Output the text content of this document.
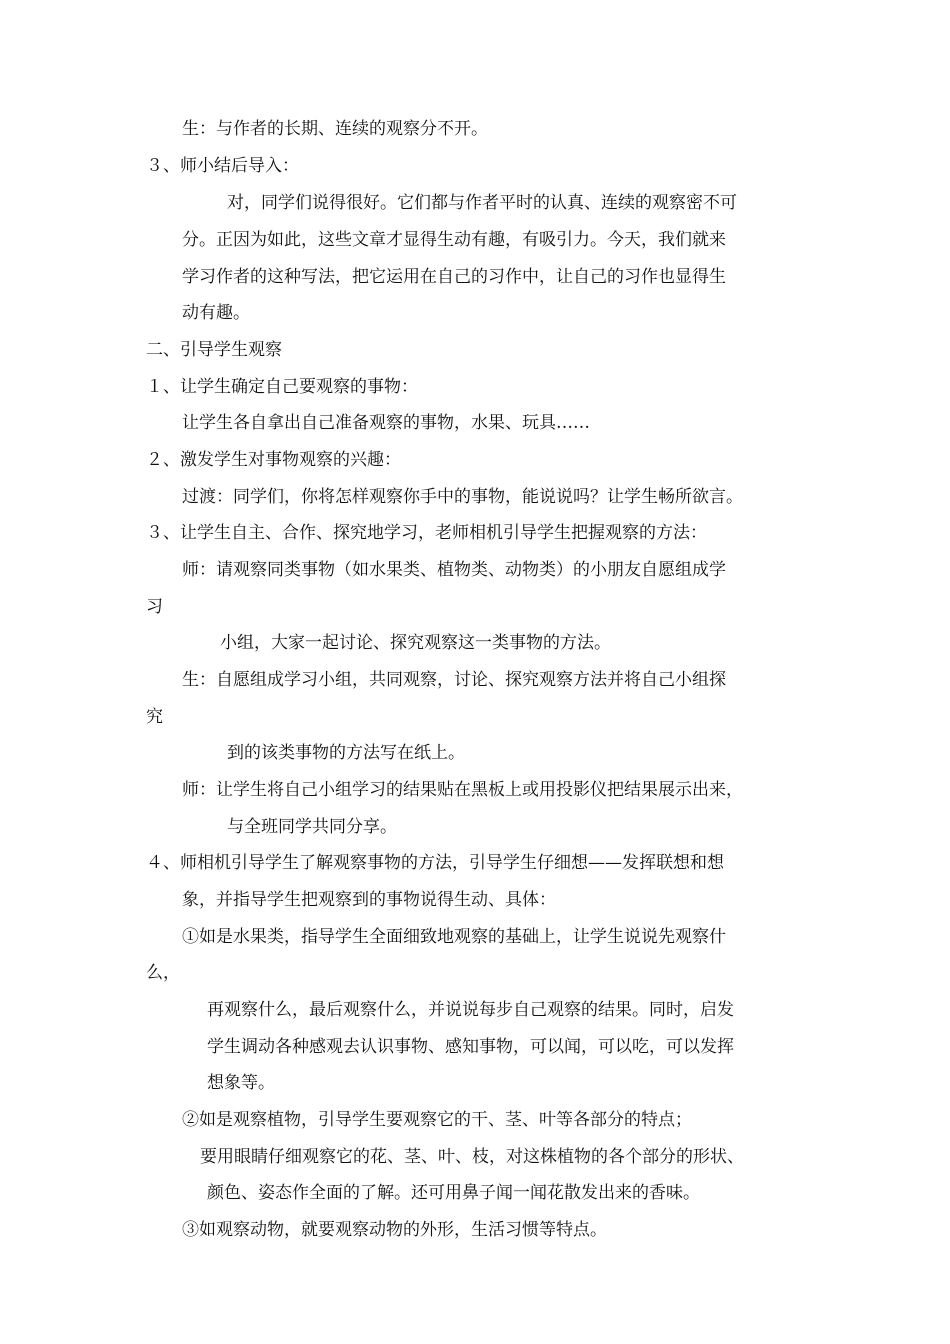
生：与作者的长期、连续的观察分不开。
３、师小结后导入：
对，同学们说得很好。它们都与作者平时的认真、连续的观察密不可
分。正因为如此，这些文章才显得生动有趣，有吸引力。今天，我们就来
学习作者的这种写法，把它运用在自己的习作中，让自己的习作也显得生
动有趣。
二、引导学生观察
１、让学生确定自己要观察的事物：
让学生各自拿出自己准备观察的事物，水果、玩具……
２、激发学生对事物观察的兴趣：
过渡：同学们，你将怎样观察你手中的事物，能说说吗？让学生畅所欲言。
３、让学生自主、合作、探究地学习，老师相机引导学生把握观察的方法：
师：请观察同类事物（如水果类、植物类、动物类）的小朋友自愿组成学
习
小组，大家一起讨论、探究观察这一类事物的方法。
生：自愿组成学习小组，共同观察，讨论、探究观察方法并将自己小组探
究
到的该类事物的方法写在纸上。
师：让学生将自己小组学习的结果贴在黑板上或用投影仪把结果展示出来，
与全班同学共同分享。
４、师相机引导学生了解观察事物的方法，引导学生仔细想——发挥联想和想
象，并指导学生把观察到的事物说得生动、具体：
①如是水果类，指导学生全面细致地观察的基础上，让学生说说先观察什
么，
再观察什么，最后观察什么，并说说每步自己观察的结果。同时，启发
学生调动各种感观去认识事物、感知事物，可以闻，可以吃，可以发挥
想象等。
②如是观察植物，引导学生要观察它的干、茎、叶等各部分的特点；
要用眼睛仔细观察它的花、茎、叶、枝，对这株植物的各个部分的形状、
颜色、姿态作全面的了解。还可用鼻子闻一闻花散发出来的香味。
③如观察动物，就要观察动物的外形，生活习惯等特点。
